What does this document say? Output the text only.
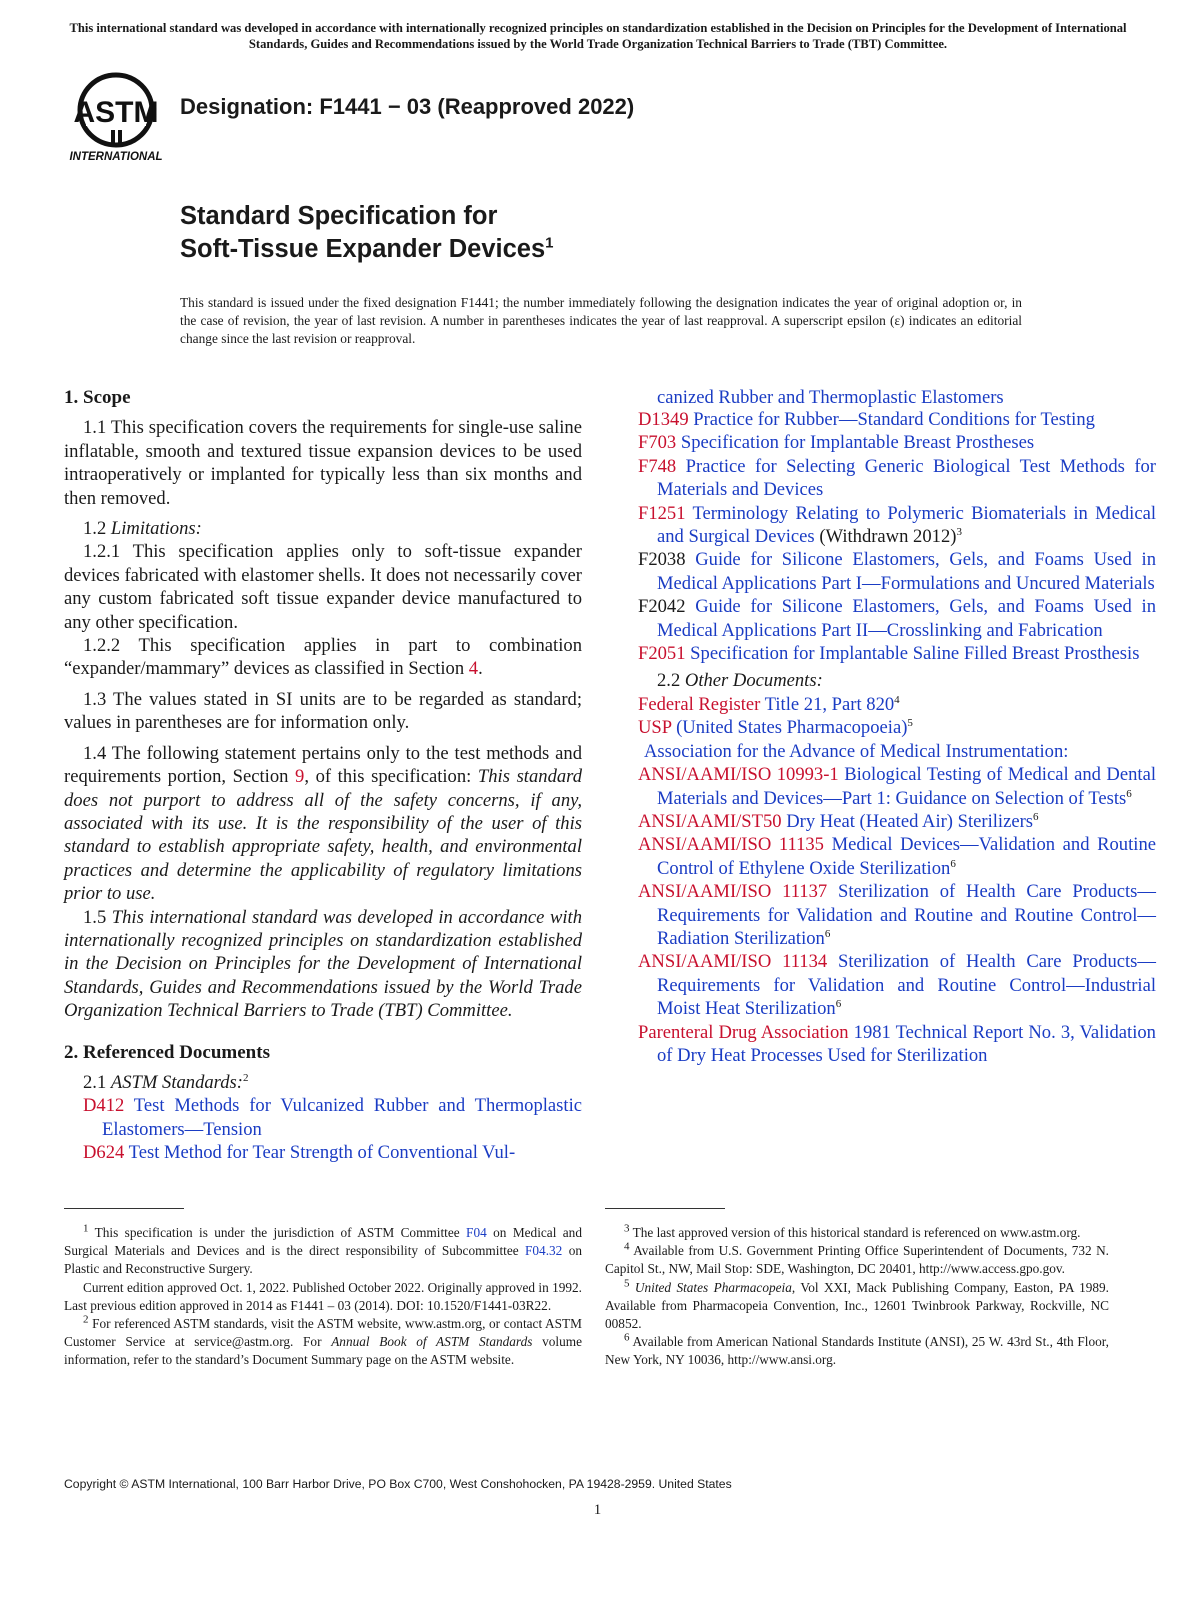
This international standard was developed in accordance with internationally recognized principles on standardization established in the Decision on Principles for the Development of International Standards, Guides and Recommendations issued by the World Trade Organization Technical Barriers to Trade (TBT) Committee.
ASTM
INTERNATIONAL
Designation: F1441 − 03 (Reapproved 2022)
Standard Specification for
Soft-Tissue Expander Devices$^1$
This standard is issued under the fixed designation F1441; the number immediately following the designation indicates the year of original adoption or, in the case of revision, the year of last revision. A number in parentheses indicates the year of last reapproval. A superscript epsilon (ε) indicates an editorial change since the last revision or reapproval.
1. Scope

1.1 This specification covers the requirements for single-use saline inflatable, smooth and textured tissue expansion devices to be used intraoperatively or implanted for typically less than six months and then removed.

1.2 Limitations:

1.2.1 This specification applies only to soft-tissue expander devices fabricated with elastomer shells. It does not necessarily cover any custom fabricated soft tissue expander device manufactured to any other specification.

1.2.2 This specification applies in part to combination “expander/mammary” devices as classified in Section 4.

1.3 The values stated in SI units are to be regarded as standard; values in parentheses are for information only.

1.4 The following statement pertains only to the test methods and requirements portion, Section 9, of this specification: This standard does not purport to address all of the safety concerns, if any, associated with its use. It is the responsibility of the user of this standard to establish appropriate safety, health, and environmental practices and determine the applicability of regulatory limitations prior to use.

1.5 This international standard was developed in accordance with internationally recognized principles on standardization established in the Decision on Principles for the Development of International Standards, Guides and Recommendations issued by the World Trade Organization Technical Barriers to Trade (TBT) Committee.

2. Referenced Documents

2.1 ASTM Standards:$^2$

D412 Test Methods for Vulcanized Rubber and Thermoplastic Elastomers—Tension

D624 Test Method for Tear Strength of Conventional Vul-

D1349 Practice for Rubber—Standard Conditions for Testing

F703 Specification for Implantable Breast Prostheses

F748 Practice for Selecting Generic Biological Test Methods for Materials and Devices

F1251 Terminology Relating to Polymeric Biomaterials in Medical and Surgical Devices (Withdrawn 2012)$^3$

F2038 Guide for Silicone Elastomers, Gels, and Foams Used in Medical Applications Part I—Formulations and Uncured Materials

F2042 Guide for Silicone Elastomers, Gels, and Foams Used in Medical Applications Part II—Crosslinking and Fabrication

F2051 Specification for Implantable Saline Filled Breast Prosthesis

2.2 Other Documents:

Federal Register Title 21, Part $820^4$

USP (United States Pharmacopoeia)$^5$

Association for the Advance of Medical Instrumentation:

ANSI/AAMI/ISO 10993-1 Biological Testing of Medical and Dental Materials and Devices—Part 1: Guidance on Selection of Tests$^6$

ANSI/AAMI/ST50 Dry Heat (Heated Air) Sterilizers$^6$

ANSI/AAMI/ISO 11135 Medical Devices—Validation and Routine Control of Ethylene Oxide Sterilization$^6$

ANSI/AAMI/ISO 11137 Sterilization of Health Care Products—Requirements for Validation and Routine and Routine Control—Radiation Sterilization$^6$

ANSI/AAMI/ISO 11134 Sterilization of Health Care Products—Requirements for Validation and Routine Control—Industrial Moist Heat Sterilization$^6$

Parenteral Drug Association 1981 Technical Report No. 3, Validation of Dry Heat Processes Used for Sterilization

$^1$ This specification is under the jurisdiction of ASTM Committee F04 on Medical and Surgical Materials and Devices and is the direct responsibility of Subcommittee F04.32 on Plastic and Reconstructive Surgery.

Current edition approved Oct. 1, 2022. Published October 2022. Originally approved in 1992. Last previous edition approved in 2014 as F1441 – 03 (2014). DOI: 10.1520/F1441-03R22.

$^2$ For referenced ASTM standards, visit the ASTM website, www.astm.org, or contact ASTM Customer Service at service@astm.org. For Annual Book of ASTM Standards volume information, refer to the standard’s Document Summary page on the ASTM website.

$^3$ The last approved version of this historical standard is referenced on www.astm.org.

$^4$ Available from U.S. Government Printing Office Superintendent of Documents, 732 N. Capitol St., NW, Mail Stop: SDE, Washington, DC 20401, http://www.access.gpo.gov.

$^5$ United States Pharmacopeia, Vol XXI, Mack Publishing Company, Easton, PA 1989. Available from Pharmacopeia Convention, Inc., 12601 Twinbrook Parkway, Rockville, NC 00852.

$^6$ Available from American National Standards Institute (ANSI), 25 W. 43rd St., 4th Floor, New York, NY 10036, http://www.ansi.org.

Copyright © ASTM International, 100 Barr Harbor Drive, PO Box C700, West Conshohocken, PA 19428-2959. United States
1

canized Rubber and Thermoplastic Elastomers
